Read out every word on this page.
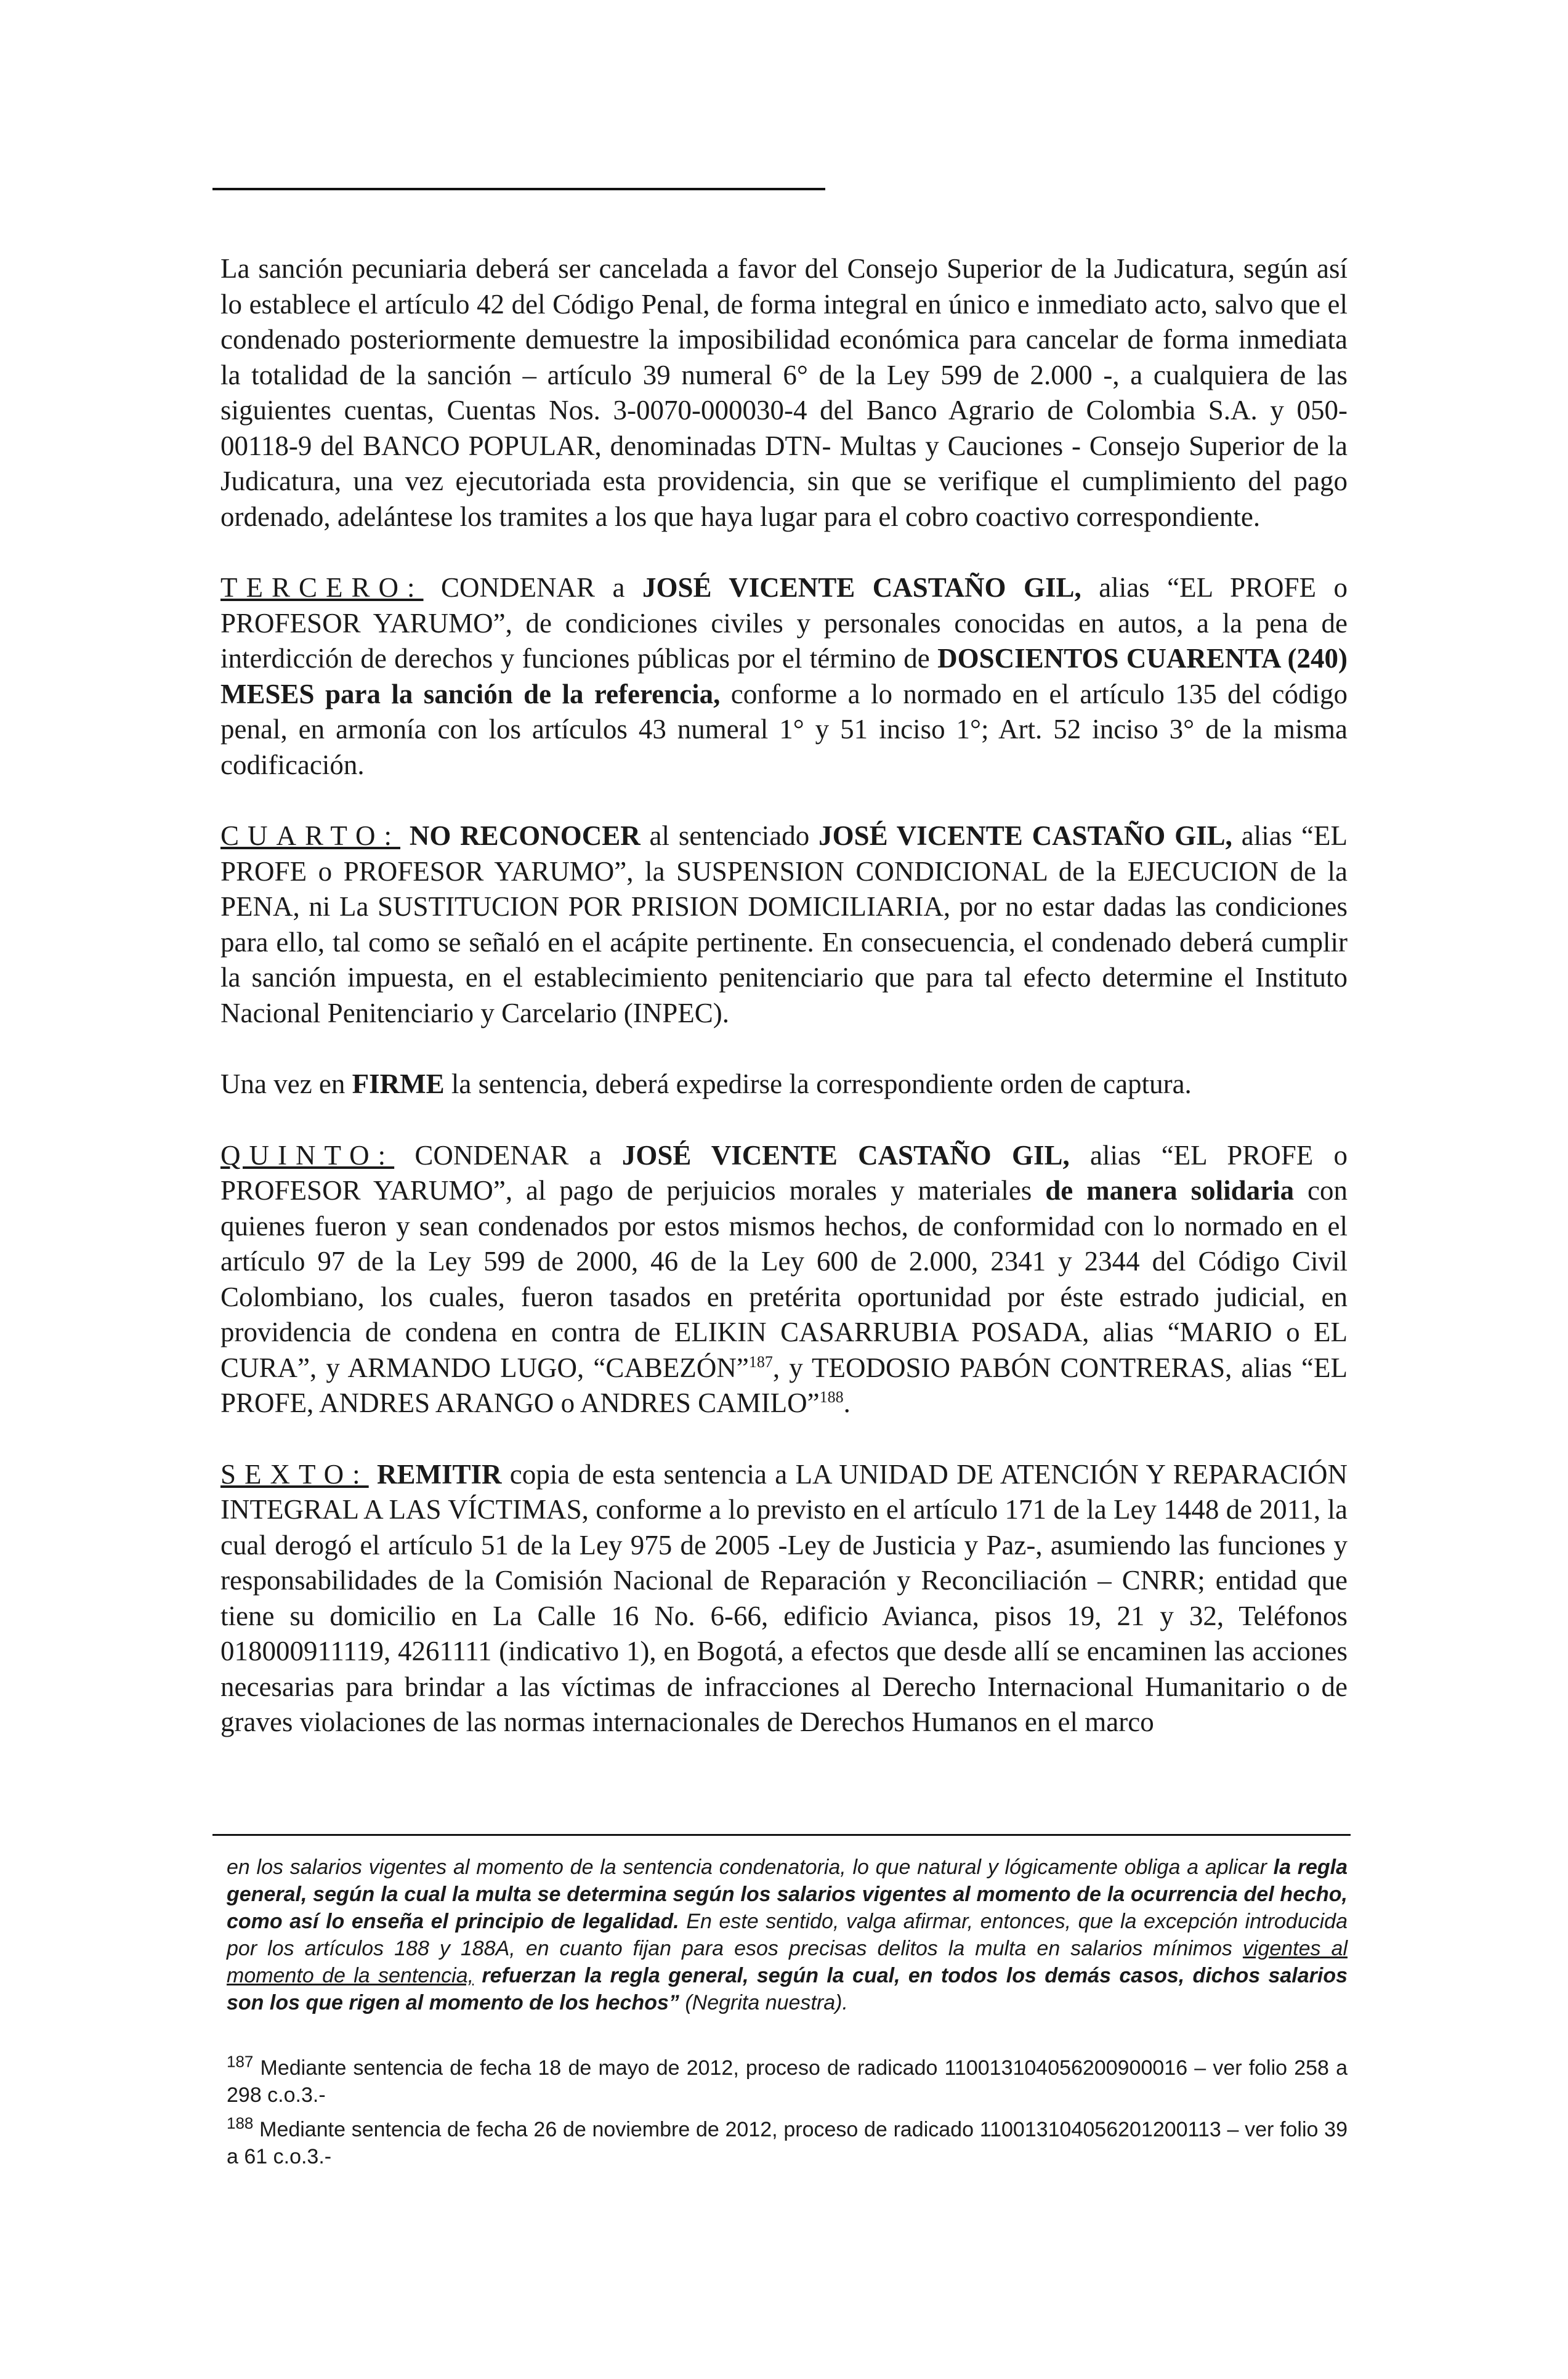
La sanción pecuniaria deberá ser cancelada a favor del Consejo Superior de la Judicatura, según así lo establece el artículo 42 del Código Penal, de forma integral en único e inmediato acto, salvo que el condenado posteriormente demuestre la imposibilidad económica para cancelar de forma inmediata la totalidad de la sanción – artículo 39 numeral 6° de la Ley 599 de 2.000 -, a cualquiera de las siguientes cuentas, Cuentas Nos. 3-0070-000030-4 del Banco Agrario de Colombia S.A. y 050-00118-9 del BANCO POPULAR, denominadas DTN- Multas y Cauciones - Consejo Superior de la Judicatura, una vez ejecutoriada esta providencia, sin que se verifique el cumplimiento del pago ordenado, adelántese los tramites a los que haya lugar para el cobro coactivo correspondiente.

TERCERO: CONDENAR a JOSÉ VICENTE CASTAÑO GIL, alias “EL PROFE o PROFESOR YARUMO”, de condiciones civiles y personales conocidas en autos, a la pena de interdicción de derechos y funciones públicas por el término de DOSCIENTOS CUARENTA (240) MESES para la sanción de la referencia, conforme a lo normado en el artículo 135 del código penal, en armonía con los artículos 43 numeral 1° y 51 inciso 1°; Art. 52 inciso 3° de la misma codificación.

CUARTO: NO RECONOCER al sentenciado JOSÉ VICENTE CASTAÑO GIL, alias “EL PROFE o PROFESOR YARUMO”, la SUSPENSION CONDICIONAL de la EJECUCION de la PENA, ni La SUSTITUCION POR PRISION DOMICILIARIA, por no estar dadas las condiciones para ello, tal como se señaló en el acápite pertinente. En consecuencia, el condenado deberá cumplir la sanción impuesta, en el establecimiento penitenciario que para tal efecto determine el Instituto Nacional Penitenciario y Carcelario (INPEC).

Una vez en FIRME la sentencia, deberá expedirse la correspondiente orden de captura.

QUINTO: CONDENAR a JOSÉ VICENTE CASTAÑO GIL, alias “EL PROFE o PROFESOR YARUMO”, al pago de perjuicios morales y materiales de manera solidaria con quienes fueron y sean condenados por estos mismos hechos, de conformidad con lo normado en el artículo 97 de la Ley 599 de 2000, 46 de la Ley 600 de 2.000, 2341 y 2344 del Código Civil Colombiano, los cuales, fueron tasados en pretérita oportunidad por éste estrado judicial, en providencia de condena en contra de ELIKIN CASARRUBIA POSADA, alias “MARIO o EL CURA”, y ARMANDO LUGO, “CABEZÓN”$^{187}$, y TEODOSIO PABÓN CONTRERAS, alias “EL PROFE, ANDRES ARANGO o ANDRES CAMILO”$^{188}$.

SEXTO: REMITIR copia de esta sentencia a LA UNIDAD DE ATENCIÓN Y REPARACIÓN INTEGRAL A LAS VÍCTIMAS, conforme a lo previsto en el artículo 171 de la Ley 1448 de 2011, la cual derogó el artículo 51 de la Ley 975 de 2005 -Ley de Justicia y Paz-, asumiendo las funciones y responsabilidades de la Comisión Nacional de Reparación y Reconciliación – CNRR; entidad que tiene su domicilio en La Calle 16 No. 6-66, edificio Avianca, pisos 19, 21 y 32, Teléfonos 018000911119, 4261111 (indicativo 1), en Bogotá, a efectos que desde allí se encaminen las acciones necesarias para brindar a las víctimas de infracciones al Derecho Internacional Humanitario o de graves violaciones de las normas internacionales de Derechos Humanos en el marco

en los salarios vigentes al momento de la sentencia condenatoria, lo que natural y lógicamente obliga a aplicar la regla general, según la cual la multa se determina según los salarios vigentes al momento de la ocurrencia del hecho, como así lo enseña el principio de legalidad. En este sentido, valga afirmar, entonces, que la excepción introducida por los artículos 188 y 188A, en cuanto fijan para esos precisas delitos la multa en salarios mínimos vigentes al momento de la sentencia, refuerzan la regla general, según la cual, en todos los demás casos, dichos salarios son los que rigen al momento de los hechos” (Negrita nuestra).

$^{187}$ Mediante sentencia de fecha 18 de mayo de 2012, proceso de radicado 110013104056200900016 – ver folio 258 a 298 c.o.3.-

$^{188}$ Mediante sentencia de fecha 26 de noviembre de 2012, proceso de radicado 110013104056201200113 – ver folio 39 a 61 c.o.3.-
